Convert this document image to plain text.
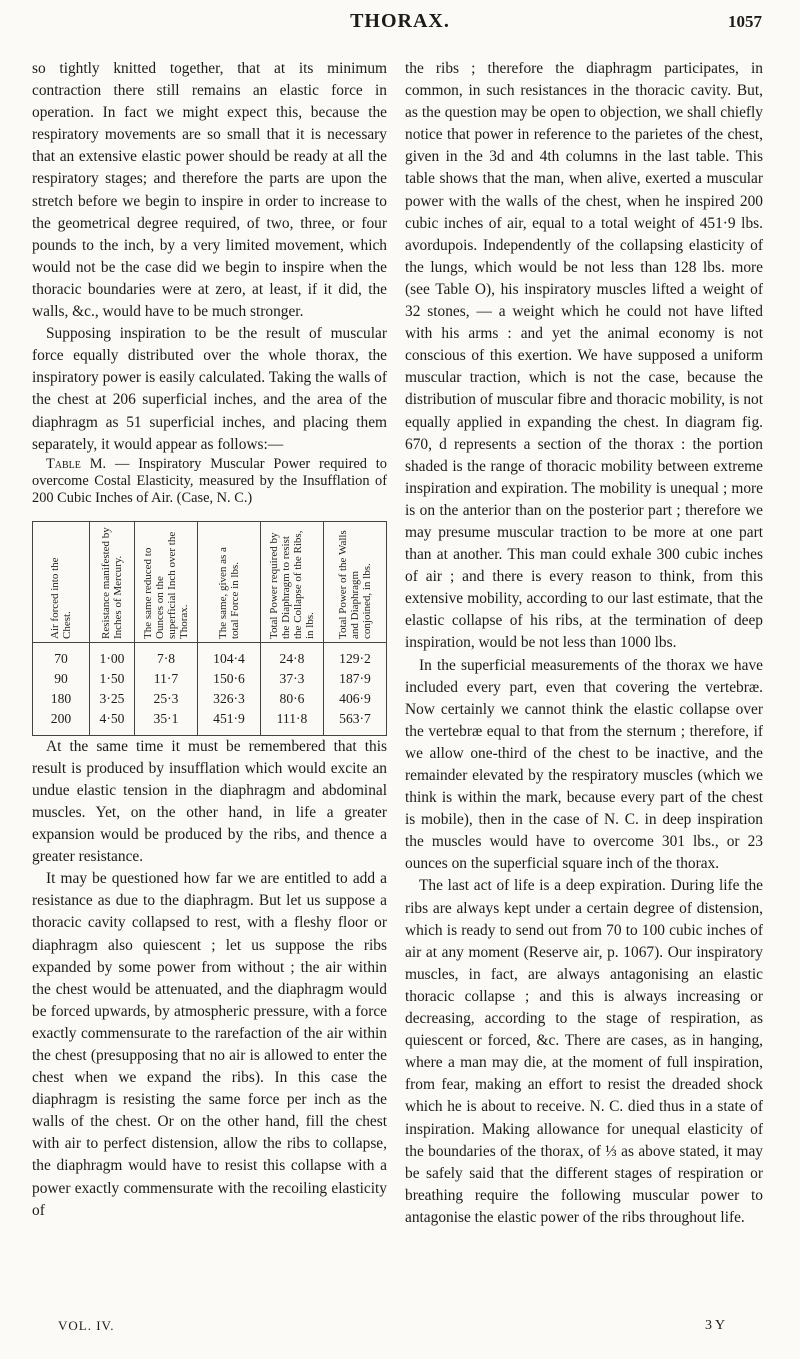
THORAX.	1057

so tightly knitted together, that at its minimum contraction there still remains an elastic force in operation. In fact we might expect this, because the respiratory movements are so small that it is necessary that an extensive elastic power should be ready at all the respiratory stages; and therefore the parts are upon the stretch before we begin to inspire in order to increase to the geometrical degree required, of two, three, or four pounds to the inch, by a very limited movement, which would not be the case did we begin to inspire when the thoracic boundaries were at zero, at least, if it did, the walls, &c., would have to be much stronger.

Supposing inspiration to be the result of muscular force equally distributed over the whole thorax, the inspiratory power is easily calculated. Taking the walls of the chest at 206 superficial inches, and the area of the diaphragm as 51 superficial inches, and placing them separately, it would appear as follows:—

Table M. — Inspiratory Muscular Power required to overcome Costal Elasticity, measured by the Insufflation of 200 Cubic Inches of Air. (Case, N. C.)

Air forced into the Chest.	Resistance manifested by Inches of Mercury.	The same reduced to Ounces on the superficial Inch over the Thorax.	The same, given as a total Force in lbs.	Total Power required by the Diaphragm to resist the Collapse of the Ribs, in lbs.	Total Power of the Walls and Diaphragm conjoined, in lbs.

70	1·00	7·8	104·4	24·8	129·2
90	1·50	11·7	150·6	37·3	187·9
180	3·25	25·3	326·3	80·6	406·9
200	4·50	35·1	451·9	111·8	563·7

At the same time it must be remembered that this result is produced by insufflation which would excite an undue elastic tension in the diaphragm and abdominal muscles. Yet, on the other hand, in life a greater expansion would be produced by the ribs, and thence a greater resistance.

It may be questioned how far we are entitled to add a resistance as due to the diaphragm. But let us suppose a thoracic cavity collapsed to rest, with a fleshy floor or diaphragm also quiescent ; let us suppose the ribs expanded by some power from without ; the air within the chest would be attenuated, and the diaphragm would be forced upwards, by atmospheric pressure, with a force exactly commensurate to the rarefaction of the air within the chest (presupposing that no air is allowed to enter the chest when we expand the ribs). In this case the diaphragm is resisting the same force per inch as the walls of the chest. Or on the other hand, fill the chest with air to perfect distension, allow the ribs to collapse, the diaphragm would have to resist this collapse with a power exactly commensurate with the recoiling elasticity of

the ribs ; therefore the diaphragm participates, in common, in such resistances in the thoracic cavity. But, as the question may be open to objection, we shall chiefly notice that power in reference to the parietes of the chest, given in the 3d and 4th columns in the last table. This table shows that the man, when alive, exerted a muscular power with the walls of the chest, when he inspired 200 cubic inches of air, equal to a total weight of 451·9 lbs. avordupois. Independently of the collapsing elasticity of the lungs, which would be not less than 128 lbs. more (see Table O), his inspiratory muscles lifted a weight of 32 stones, — a weight which he could not have lifted with his arms : and yet the animal economy is not conscious of this exertion. We have supposed a uniform muscular traction, which is not the case, because the distribution of muscular fibre and thoracic mobility, is not equally applied in expanding the chest. In diagram fig. 670, d represents a section of the thorax : the portion shaded is the range of thoracic mobility between extreme inspiration and expiration. The mobility is unequal ; more is on the anterior than on the posterior part ; therefore we may presume muscular traction to be more at one part than at another. This man could exhale 300 cubic inches of air ; and there is every reason to think, from this extensive mobility, according to our last estimate, that the elastic collapse of his ribs, at the termination of deep inspiration, would be not less than 1000 lbs.

In the superficial measurements of the thorax we have included every part, even that covering the vertebræ. Now certainly we cannot think the elastic collapse over the vertebræ equal to that from the sternum ; therefore, if we allow one-third of the chest to be inactive, and the remainder elevated by the respiratory muscles (which we think is within the mark, because every part of the chest is mobile), then in the case of N. C. in deep inspiration the muscles would have to overcome 301 lbs., or 23 ounces on the superficial square inch of the thorax.

The last act of life is a deep expiration. During life the ribs are always kept under a certain degree of distension, which is ready to send out from 70 to 100 cubic inches of air at any moment (Reserve air, p. 1067). Our inspiratory muscles, in fact, are always antagonising an elastic thoracic collapse ; and this is always increasing or decreasing, according to the stage of respiration, as quiescent or forced, &c. There are cases, as in hanging, where a man may die, at the moment of full inspiration, from fear, making an effort to resist the dreaded shock which he is about to receive. N. C. died thus in a state of inspiration. Making allowance for unequal elasticity of the boundaries of the thorax, of ⅓ as above stated, it may be safely said that the different stages of respiration or breathing require the following muscular power to antagonise the elastic power of the ribs throughout life.

VOL. IV.	3 Y
